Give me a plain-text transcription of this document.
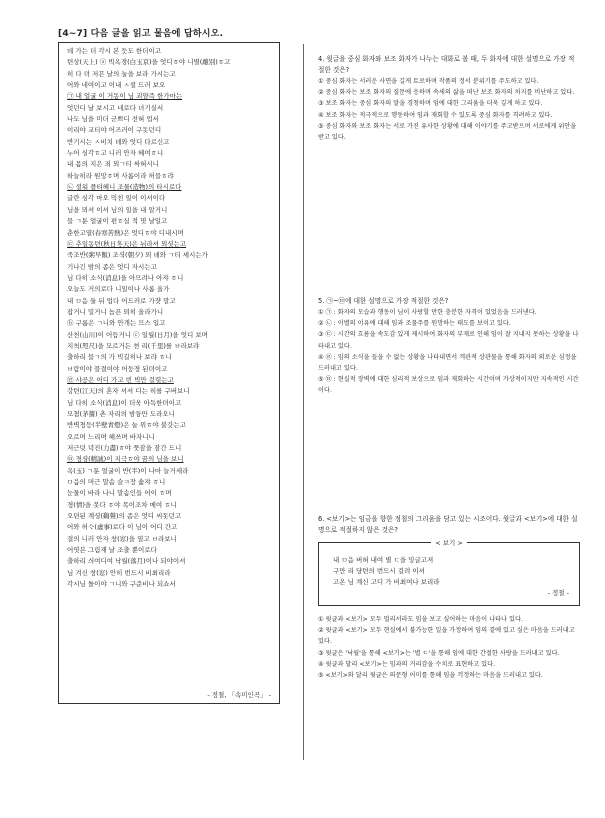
[4~7] 다음 글을 읽고 물음에 답하시오.
데 가는 더 각시 본 듯도 한더이고
텬상(天上) ⓐ 빅옥경(白玉京)을 엇디ㅎ야 니별(離別)ㅎ고
히 다 뎌 저믄 날의 눌을 보라 가시는고
어와 네여이고 이내 ㅅ셜 드러 보오
㉠ 내 얼굴 이 거동이 님 괴얌즉 한가마는
엇던디 날 보시고 네로다 녀기실서
나도 님을 미더 군쁘디 전혀 업서
이리야 교티야 어즈러이 구돗던디
반기시는 ㅅ비치 녜와 엇디 다르신고
누어 싱각ㅎ고 니러 안자 혜여ㅎ니
내 몸의 지은 죄 뫼ㄱ티 싸혀시니
하늘히라 원망ㅎ며 사롬이라 허믈ㅎ랴
㉡ 셜워 플텨혜니 조물(造物)의 타시로다
글란 싱각 마오 믹친 일이 이셔이다
님을 뫼셔 이셔 님의 일을 내 알거니
믈 ㄱ툰 얼굴이 편ㅎ실 적 몃 날일고
춘한고열(春寒苦熱)은 엇디ㅎ야 디내시며
㉢ 추일동텬(秋日冬天)은 뉘라셔 뫼셧는고
죽조반(粥早飯) 조셕(朝夕) 뫼 녜와 ㄱ티 셰시는가
기나긴 밤의 좀은 엇디 자시는고
님 다히 소식(消息)을 아므려나 아쟈 ㅎ니
오늘도 거의로다 니일이나 사롬 올가
내 ㅁ음 둘 뒤 업다 어드러로 가쟛 말고
잡거니 밀거니 놉픈 뫼히 올라가니
ⓑ 구롬은 ㄱ니와 안개는 므스 일고
산천(山川)이 어듭거니 ⓒ 일월(日月)을 엇디 보며
지척(咫尺)을 모르거든 쳔 리(千里)를 ㅂ라보랴
출하리 믈ㄱ의 가 빅길히나 보랴 ㅎ니
ㅂ람이야 믈결이야 어둥졍 된뎌이고
㉣ 샤공은 어디 가고 빈 빅만 걸렷는고
강텬(江天)의 혼자 셔셔 디는 히를 구버보니
님 다히 소식(消息)이 더욱 아득한뎌이고
모쳠(茅簷) 촌 자리의 밤듕만 도라오니
반벽쳥등(半壁靑燈)은 눌 위ㅎ야 불갓는고
오르며 느리며 헤쓰며 바자니니
저근덧 녁진(力盡)ㅎ야 풋잠을 잠간 드니
㉤ 졍셩(精誠)이 지극ㅎ야 꿈의 님을 보니
옥(玉) ㄱ툰 얼굴이 반(半)이 나마 늘거세라
ㅁ음의 머근 말솜 슬ㅋ장 솗쟈 ㅎ니
눈물이 바라 나니 말솜인들 어이 ㅎ며
졍(情)을 못다 ㅎ야 목이조차 메여 ㅎ니
오뎐된 계셩(鷄聲)의 좀은 엇디 씨돗던고
어와 허亽(虛事)로다 이 님이 어디 간고
결의 니러 안자 창(窓)을 열고 ㅂ라보니
어엿븐 그림재 날 조출 뿐이로다
출하리 싀여디여 낙월(落月)이나 되야이셔
님 겨신 창(窓) 안히 번드시 비최리라
각시님 돌이야 ㄱ니와 구준비나 되쇼서
- 정철, 「속미인곡」 -
4. 윗글을 중심 화자와 보조 화자가 나누는 대화로 볼 때, 두 화자에 대한 설명으로 가장 적절한 것은?
① 중심 화자는 서러운 사연을 길게 토로하며 작품의 정서 분위기를 주도하고 있다.
② 중심 화자는 보조 화자의 질문에 응하며 속세의 삶을 떠난 보조 화자의 처지를 비난하고 있다.
③ 보조 화자는 중심 화자의 말을 경청하며 임에 대한 그리움을 더욱 깊게 하고 있다.
④ 보조 화자는 적극적으로 행동하여 임과 재회할 수 있도록 중심 화자를 격려하고 있다.
⑤ 중심 화자와 보조 화자는 서로 가진 유사한 상황에 대해 이야기를 주고받으며 서로에게 위안을 받고 있다.
5. ㉠~㉤에 대한 설명으로 가장 적절한 것은?
① ㉠ : 화자의 모습과 행동이 님이 사랑할 만한 충분한 자격이 있었음을 드러낸다.
② ㉡ : 이별의 이유에 대해 임과 조물주를 원망하는 태도를 보이고 있다.
③ ㉢ : 시간의 흐름을 속도감 있게 제시하여 화자의 부재로 인해 임이 잘 지내지 못하는 상황을 나타내고 있다.
④ ㉣ : 임의 소식을 들을 수 없는 상황을 나타내면서 객관적 상관물을 통해 화자의 외로운 심정을 드러내고 있다.
⑤ ㉤ : 현실적 장벽에 대한 심리적 보상으로 임과 재회하는 시간이며 가상적이지만 지속적인 시간이다.
6. <보기>는 임금을 향한 정철의 그리움을 담고 있는 시조이다. 윗글과 <보기>에 대한 설명으로 적절하지 않은 것은?
< 보기 >
내 ㅁ음 버혀 내여 별 ㄷ을 밍글고져
구만 리 댱텬의 번드시 걸려 이셔
고온 님 계신 고디 가 비최여나 보리라
- 정철 -
① 윗글과 <보기> 모두 멀리서라도 임을 보고 싶어하는 마음이 나타나 있다.
② 윗글과 <보기> 모두 현실에서 불가능한 일을 가정하여 임의 곁에 있고 싶은 마음을 드러내고 있다.
③ 윗글은 '낙월'을 통해 <보기>는 '별 ㄷ'을 통해 임에 대한 간절한 사랑을 드러내고 있다.
④ 윗글과 달리 <보기>는 임과의 거리감을 수치로 표현하고 있다.
⑤ <보기>와 달리 윗글은 의문형 어미를 통해 임을 걱정하는 마음을 드러내고 있다.
